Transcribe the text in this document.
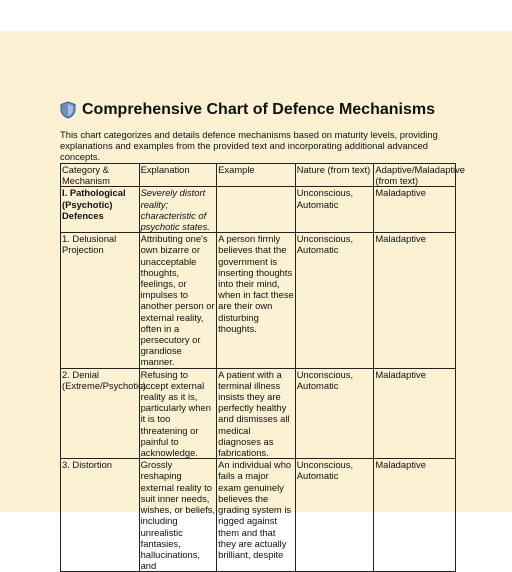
Comprehensive Chart of Defence Mechanisms
This chart categorizes and details defence mechanisms based on maturity levels, providing explanations and examples from the provided text and incorporating additional advanced concepts.
Category & Mechanism	Explanation	Example	Nature (from text)	Adaptive/Maladaptive (from text)
I. Pathological (Psychotic) Defences	Severely distort reality; characteristic of psychotic states.		Unconscious, Automatic	Maladaptive
1. Delusional Projection	Attributing one's own bizarre or unacceptable thoughts, feelings, or impulses to another person or external reality, often in a persecutory or grandiose manner.	A person firmly believes that the government is inserting thoughts into their mind, when in fact these are their own disturbing thoughts.	Unconscious, Automatic	Maladaptive
2. Denial (Extreme/Psychotic)	Refusing to accept external reality as it is, particularly when it is too threatening or painful to acknowledge.	A patient with a terminal illness insists they are perfectly healthy and dismisses all medical diagnoses as fabrications.	Unconscious, Automatic	Maladaptive
3. Distortion	Grossly reshaping external reality to suit inner needs, wishes, or beliefs, including unrealistic fantasies, hallucinations, and	An individual who fails a major exam genuinely believes the grading system is rigged against them and that they are actually brilliant, despite	Unconscious, Automatic	Maladaptive
